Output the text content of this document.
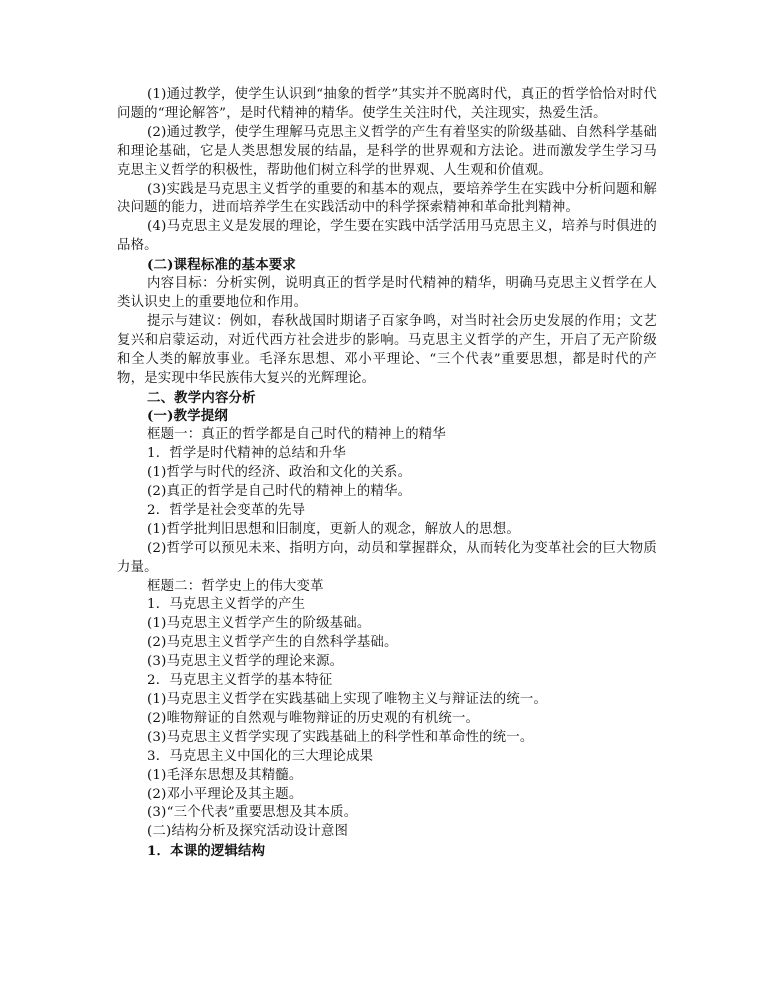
(1)通过教学，使学生认识到“抽象的哲学”其实并不脱离时代，真正的哲学恰恰对时代问题的“理论解答”，是时代精神的精华。使学生关注时代，关注现实，热爱生活。

(2)通过教学，使学生理解马克思主义哲学的产生有着坚实的阶级基础、自然科学基础和理论基础，它是人类思想发展的结晶，是科学的世界观和方法论。进而激发学生学习马克思主义哲学的积极性，帮助他们树立科学的世界观、人生观和价值观。

(3)实践是马克思主义哲学的重要的和基本的观点，要培养学生在实践中分析问题和解决问题的能力，进而培养学生在实践活动中的科学探索精神和革命批判精神。

(4)马克思主义是发展的理论，学生要在实践中活学活用马克思主义，培养与时俱进的品格。

(二)课程标准的基本要求

内容目标：分析实例，说明真正的哲学是时代精神的精华，明确马克思主义哲学在人类认识史上的重要地位和作用。

提示与建议：例如，春秋战国时期诸子百家争鸣，对当时社会历史发展的作用；文艺复兴和启蒙运动，对近代西方社会进步的影响。马克思主义哲学的产生，开启了无产阶级和全人类的解放事业。毛泽东思想、邓小平理论、“三个代表”重要思想，都是时代的产物，是实现中华民族伟大复兴的光辉理论。

二、教学内容分析

(一)教学提纲

框题一：真正的哲学都是自己时代的精神上的精华

1．哲学是时代精神的总结和升华

(1)哲学与时代的经济、政治和文化的关系。

(2)真正的哲学是自己时代的精神上的精华。

2．哲学是社会变革的先导

(1)哲学批判旧思想和旧制度，更新人的观念，解放人的思想。

(2)哲学可以预见未来、指明方向，动员和掌握群众，从而转化为变革社会的巨大物质力量。

框题二：哲学史上的伟大变革

1．马克思主义哲学的产生

(1)马克思主义哲学产生的阶级基础。

(2)马克思主义哲学产生的自然科学基础。

(3)马克思主义哲学的理论来源。

2．马克思主义哲学的基本特征

(1)马克思主义哲学在实践基础上实现了唯物主义与辩证法的统一。

(2)唯物辩证的自然观与唯物辩证的历史观的有机统一。

(3)马克思主义哲学实现了实践基础上的科学性和革命性的统一。

3．马克思主义中国化的三大理论成果

(1)毛泽东思想及其精髓。

(2)邓小平理论及其主题。

(3)“三个代表”重要思想及其本质。

(二)结构分析及探究活动设计意图

1．本课的逻辑结构
